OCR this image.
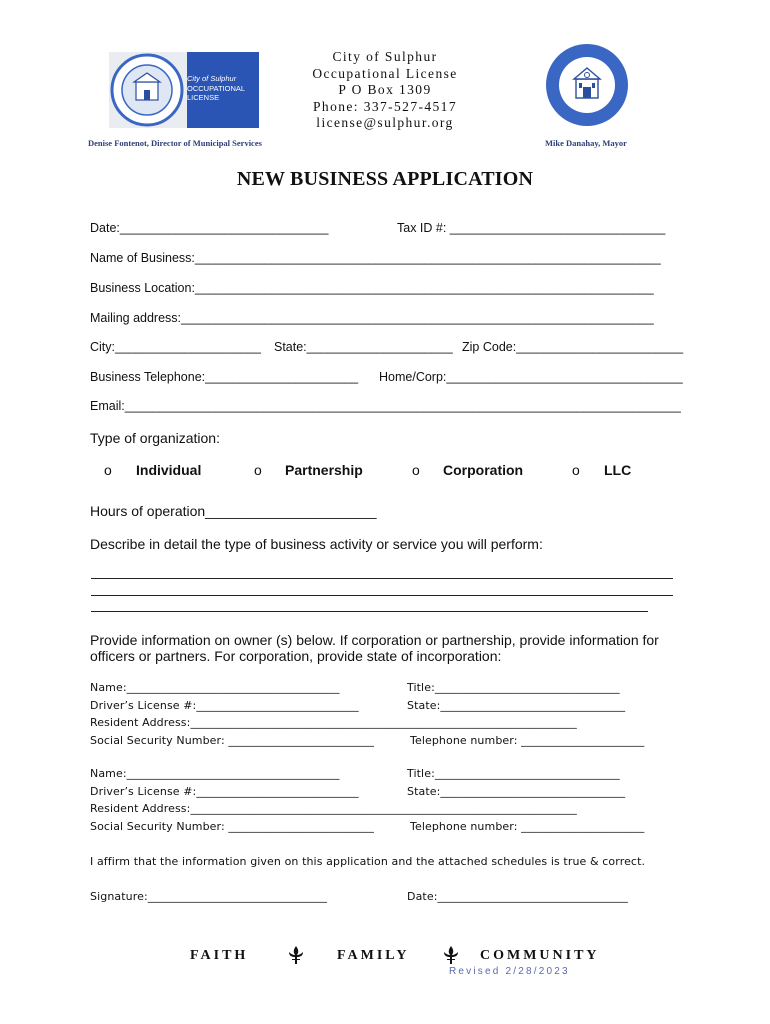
City of Sulphur
OCCUPATIONAL
LICENSE
City of Sulphur
Occupational License
P O Box 1309
Phone: 337-527-4517
license@sulphur.org
Denise Fontenot, Director of Municipal Services	Mike Danahay, Mayor
NEW BUSINESS APPLICATION
Date:______________________________	Tax ID #: _______________________________
Name of Business:___________________________________________________________________
Business Location:__________________________________________________________________
Mailing address:____________________________________________________________________
City:_____________________ State:_____________________ Zip Code:________________________
Business Telephone:______________________ Home/Corp:__________________________________
Email:________________________________________________________________________________
Type of organization:
o Individual	o Partnership	o Corporation	o LLC
Hours of operation______________________
Describe in detail the type of business activity or service you will perform:
Provide information on owner (s) below. If corporation or partnership, provide information for
officers or partners. For corporation, provide state of incorporation:
Name:______________________________________	Title:_________________________________
Driver’s License #:_____________________________	State:_________________________________
Resident Address:_____________________________________________________________________
Social Security Number: __________________________	Telephone number: ______________________
Name:______________________________________	Title:_________________________________
Driver’s License #:_____________________________	State:_________________________________
Resident Address:_____________________________________________________________________
Social Security Number: __________________________	Telephone number: ______________________
I affirm that the information given on this application and the attached schedules is true & correct.
Signature:________________________________	Date:__________________________________
FAITH	FAMILY	COMMUNITY
Revised 2/28/2023
